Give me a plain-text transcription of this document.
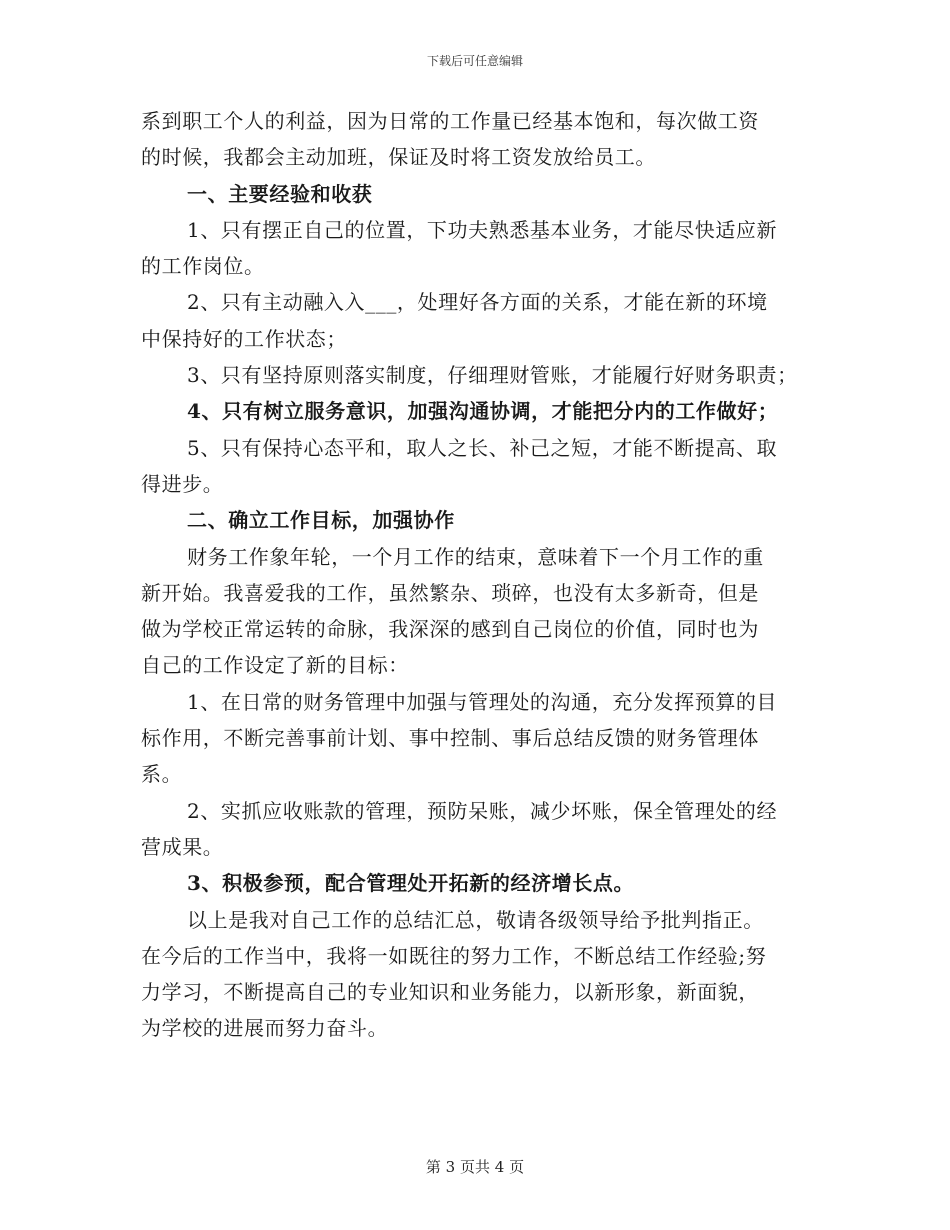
下载后可任意编辑
系到职工个人的利益，因为日常的工作量已经基本饱和，每次做工资
的时候，我都会主动加班，保证及时将工资发放给员工。
一、主要经验和收获
1、只有摆正自己的位置，下功夫熟悉基本业务，才能尽快适应新
的工作岗位。
2、只有主动融入入___，处理好各方面的关系，才能在新的环境
中保持好的工作状态；
3、只有坚持原则落实制度，仔细理财管账，才能履行好财务职责；
4、只有树立服务意识，加强沟通协调，才能把分内的工作做好；
5、只有保持心态平和，取人之长、补己之短，才能不断提高、取
得进步。
二、确立工作目标，加强协作
财务工作象年轮，一个月工作的结束，意味着下一个月工作的重
新开始。我喜爱我的工作，虽然繁杂、琐碎，也没有太多新奇，但是
做为学校正常运转的命脉，我深深的感到自己岗位的价值，同时也为
自己的工作设定了新的目标：
1、在日常的财务管理中加强与管理处的沟通，充分发挥预算的目
标作用，不断完善事前计划、事中控制、事后总结反馈的财务管理体
系。
2、实抓应收账款的管理，预防呆账，减少坏账，保全管理处的经
营成果。
3、积极参预，配合管理处开拓新的经济增长点。
以上是我对自己工作的总结汇总，敬请各级领导给予批判指正。
在今后的工作当中，我将一如既往的努力工作，不断总结工作经验;努
力学习，不断提高自己的专业知识和业务能力，以新形象，新面貌，
为学校的进展而努力奋斗。
第 3 页共 4 页
